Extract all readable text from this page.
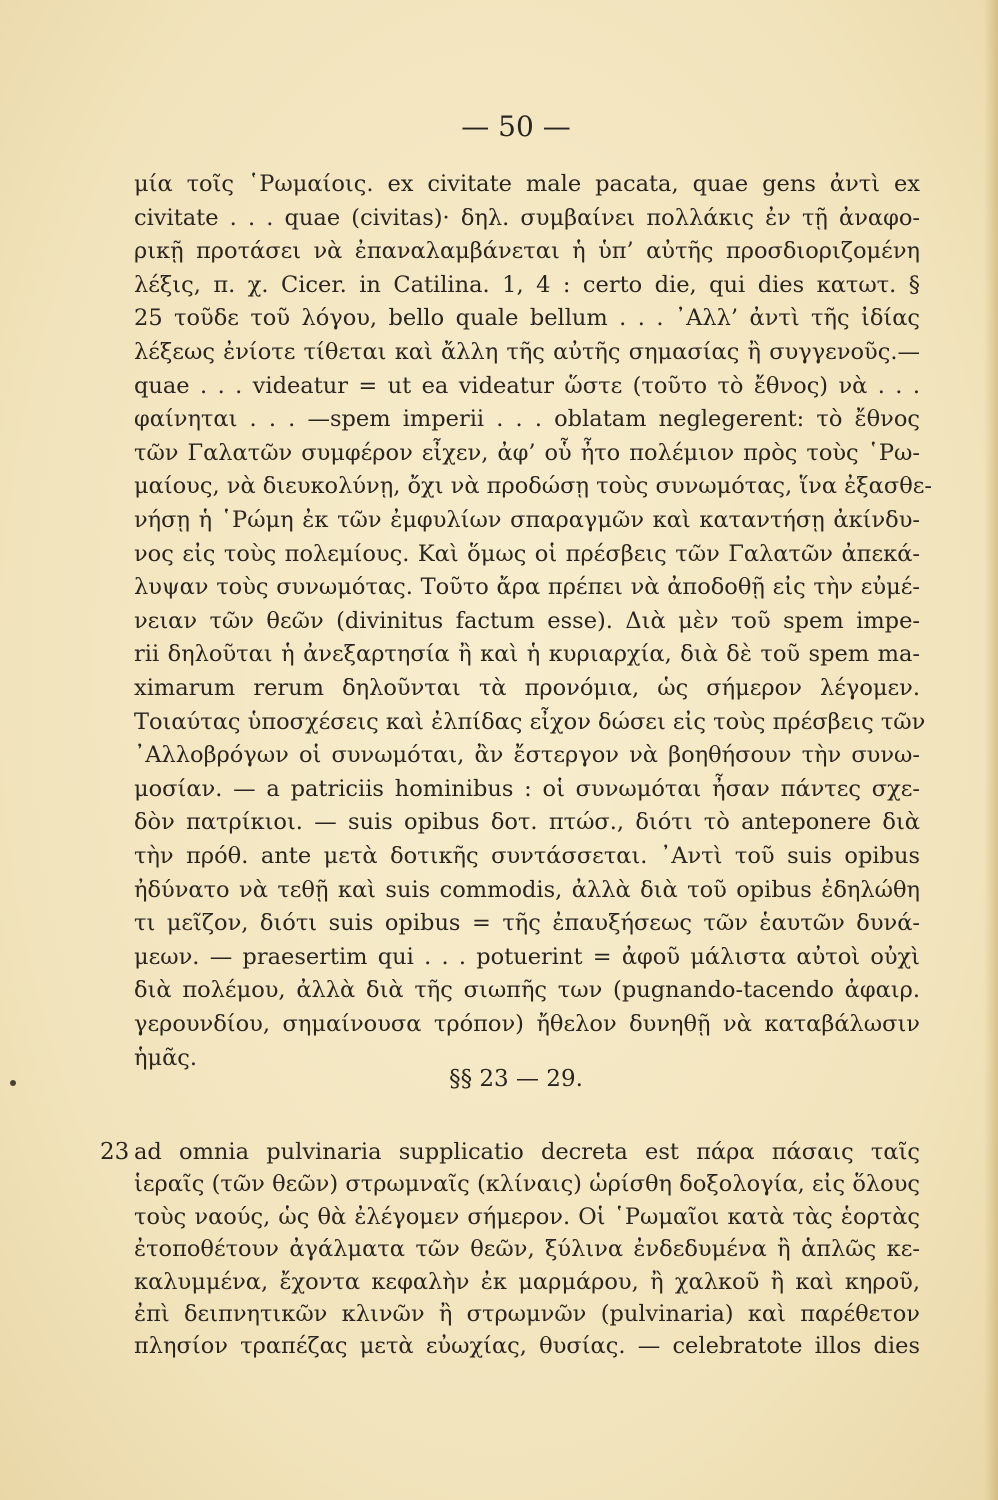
— 50 —
μία τοῖς ῾Ρωμαίοις. ex civitate male pacata, quae gens ἀντὶ ex
civitate . . . quae (civitas)· δηλ. συμβαίνει πολλάκις ἐν τῇ ἀναφο-
ρικῇ προτάσει νὰ ἐπαναλαμβάνεται ἡ ὑπ’ αὐτῆς προσδιοριζομένη
λέξις, π. χ. Cicer. in Catilina. 1, 4 : certo die, qui dies κατωτ. §
25 τοῦδε τοῦ λόγου, bello quale bellum . . . ᾽Αλλ’ ἀντὶ τῆς ἰδίας
λέξεως ἐνίοτε τίθεται καὶ ἄλλη τῆς αὐτῆς σημασίας ἢ συγγενοῦς.—
quae . . . videatur = ut ea videatur ὥστε (τοῦτο τὸ ἔθνος) νὰ . . .
φαίνηται . . . —spem imperii . . . oblatam neglegerent: τὸ ἔθνος
τῶν Γαλατῶν συμφέρον εἶχεν, ἀφ’ οὗ ἦτο πολέμιον πρὸς τοὺς ῾Ρω-
μαίους, νὰ διευκολύνῃ, ὄχι νὰ προδώσῃ τοὺς συνωμότας, ἵνα ἐξασθε-
νήσῃ ἡ ῾Ρώμη ἐκ τῶν ἐμφυλίων σπαραγμῶν καὶ καταντήσῃ ἀκίνδυ-
νος εἰς τοὺς πολεμίους. Καὶ ὅμως οἱ πρέσβεις τῶν Γαλατῶν ἀπεκά-
λυψαν τοὺς συνωμότας. Τοῦτο ἄρα πρέπει νὰ ἀποδοθῇ εἰς τὴν εὐμέ-
νειαν τῶν θεῶν (divinitus factum esse). Διὰ μὲν τοῦ spem impe-
rii δηλοῦται ἡ ἀνεξαρτησία ἢ καὶ ἡ κυριαρχία, διὰ δὲ τοῦ spem ma-
ximarum rerum δηλοῦνται τὰ προνόμια, ὡς σήμερον λέγομεν.
Τοιαύτας ὑποσχέσεις καὶ ἐλπίδας εἶχον δώσει εἰς τοὺς πρέσβεις τῶν
᾽Αλλοβρόγων οἱ συνωμόται, ἂν ἔστεργον νὰ βοηθήσουν τὴν συνω-
μοσίαν. — a patriciis hominibus : οἱ συνωμόται ἦσαν πάντες σχε-
δὸν πατρίκιοι. — suis opibus δοτ. πτώσ., διότι τὸ anteponere διὰ
τὴν πρόθ. ante μετὰ δοτικῆς συντάσσεται. ᾽Αντὶ τοῦ suis opibus
ἠδύνατο νὰ τεθῇ καὶ suis commodis, ἀλλὰ διὰ τοῦ opibus ἐδηλώθη
τι μεῖζον, διότι suis opibus = τῆς ἐπαυξήσεως τῶν ἑαυτῶν δυνά-
μεων. — praesertim qui . . . potuerint = ἀφοῦ μάλιστα αὐτοὶ οὐχὶ
διὰ πολέμου, ἀλλὰ διὰ τῆς σιωπῆς των (pugnando-tacendo ἀφαιρ.
γερουνδίου, σημαίνουσα τρόπον) ἤθελον δυνηθῇ νὰ καταβάλωσιν
ἡμᾶς.
§§ 23 — 29.
23 ad omnia pulvinaria supplicatio decreta est πάρα πάσαις ταῖς
ἱεραῖς (τῶν θεῶν) στρωμναῖς (κλίναις) ὡρίσθη δοξολογία, εἰς ὅλους
τοὺς ναούς, ὡς θὰ ἐλέγομεν σήμερον. Οἱ ῾Ρωμαῖοι κατὰ τὰς ἑορτὰς
ἐτοποθέτουν ἀγάλματα τῶν θεῶν, ξύλινα ἐνδεδυμένα ἢ ἁπλῶς κε-
καλυμμένα, ἔχοντα κεφαλὴν ἐκ μαρμάρου, ἢ χαλκοῦ ἢ καὶ κηροῦ,
ἐπὶ δειπνητικῶν κλινῶν ἢ στρωμνῶν (pulvinaria) καὶ παρέθετον
πλησίον τραπέζας μετὰ εὐωχίας, θυσίας. — celebratote illos dies
